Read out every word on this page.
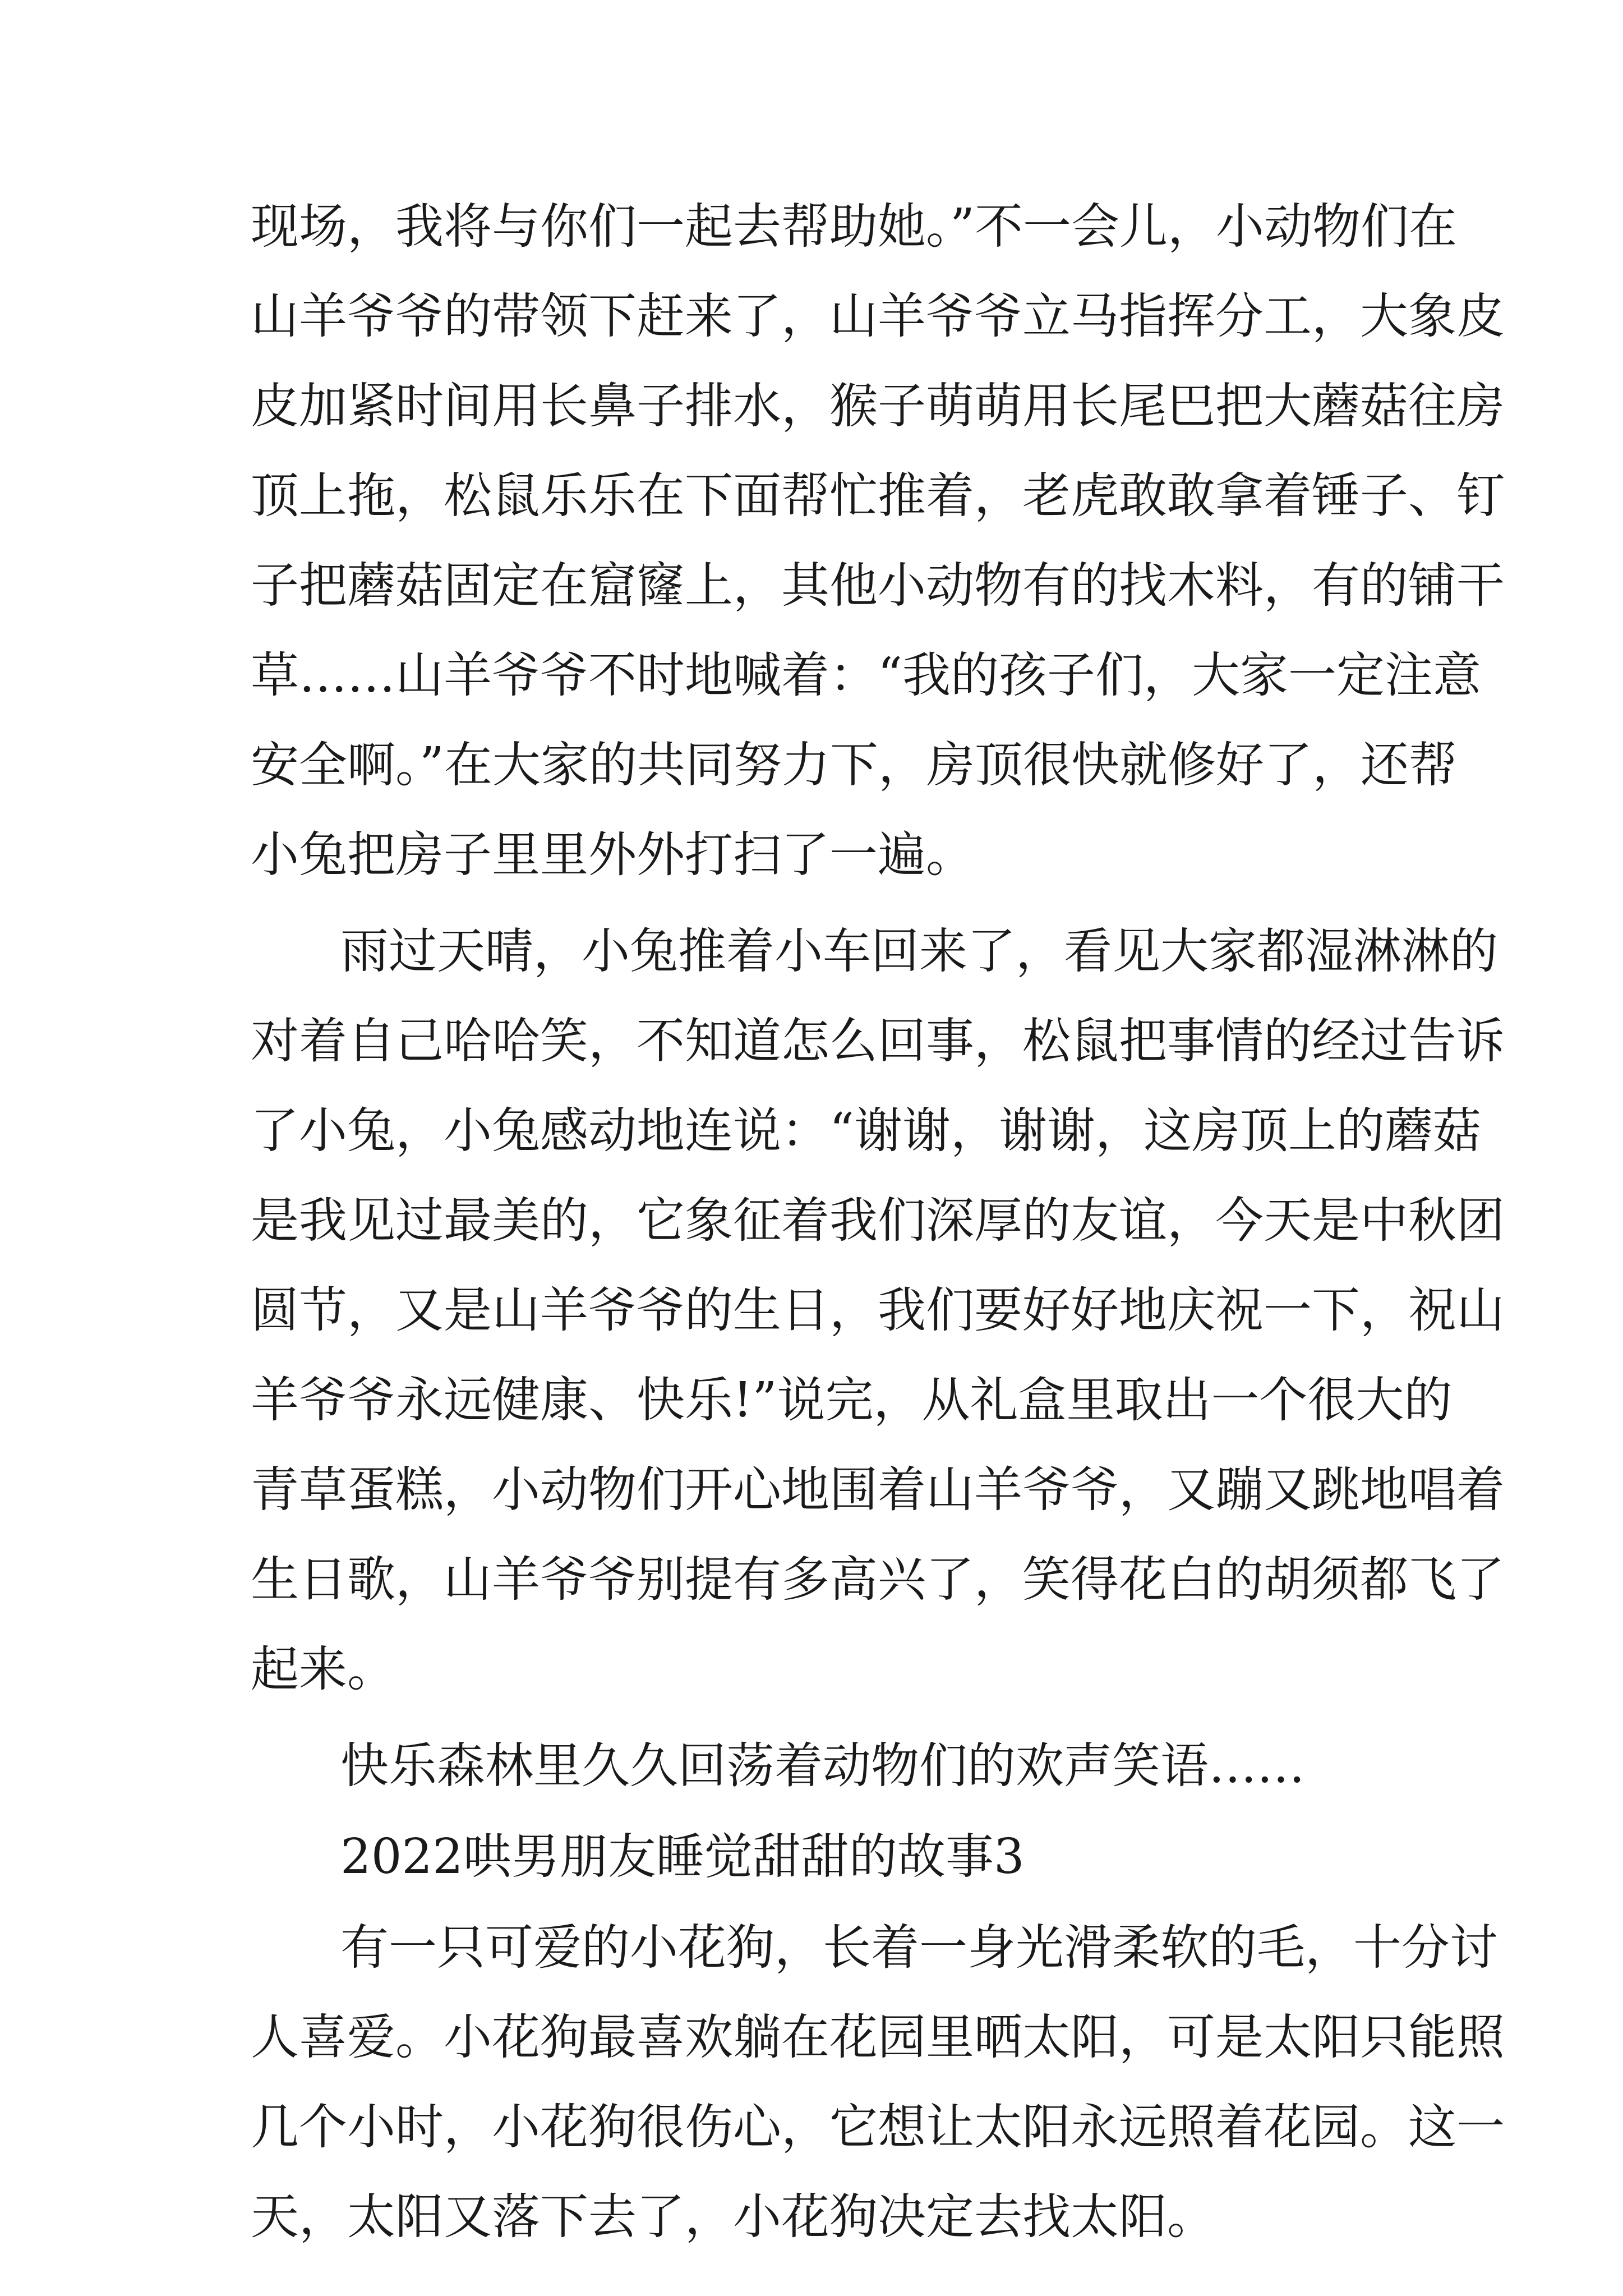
现场，我将与你们一起去帮助她。”不一会儿，小动物们在
山羊爷爷的带领下赶来了，山羊爷爷立马指挥分工，大象皮
皮加紧时间用长鼻子排水，猴子萌萌用长尾巴把大蘑菇往房
顶上拖，松鼠乐乐在下面帮忙推着，老虎敢敢拿着锤子、钉
子把蘑菇固定在窟窿上，其他小动物有的找木料，有的铺干
草……山羊爷爷不时地喊着：“我的孩子们，大家一定注意
安全啊。”在大家的共同努力下，房顶很快就修好了，还帮
小兔把房子里里外外打扫了一遍。
雨过天晴，小兔推着小车回来了，看见大家都湿淋淋的
对着自己哈哈笑，不知道怎么回事，松鼠把事情的经过告诉
了小兔，小兔感动地连说：“谢谢，谢谢，这房顶上的蘑菇
是我见过最美的，它象征着我们深厚的友谊，今天是中秋团
圆节，又是山羊爷爷的生日，我们要好好地庆祝一下，祝山
羊爷爷永远健康、快乐!”说完，从礼盒里取出一个很大的
青草蛋糕，小动物们开心地围着山羊爷爷，又蹦又跳地唱着
生日歌，山羊爷爷别提有多高兴了，笑得花白的胡须都飞了
起来。
快乐森林里久久回荡着动物们的欢声笑语……
2022哄男朋友睡觉甜甜的故事3
有一只可爱的小花狗，长着一身光滑柔软的毛，十分讨
人喜爱。小花狗最喜欢躺在花园里晒太阳，可是太阳只能照
几个小时，小花狗很伤心，它想让太阳永远照着花园。这一
天，太阳又落下去了，小花狗决定去找太阳。
